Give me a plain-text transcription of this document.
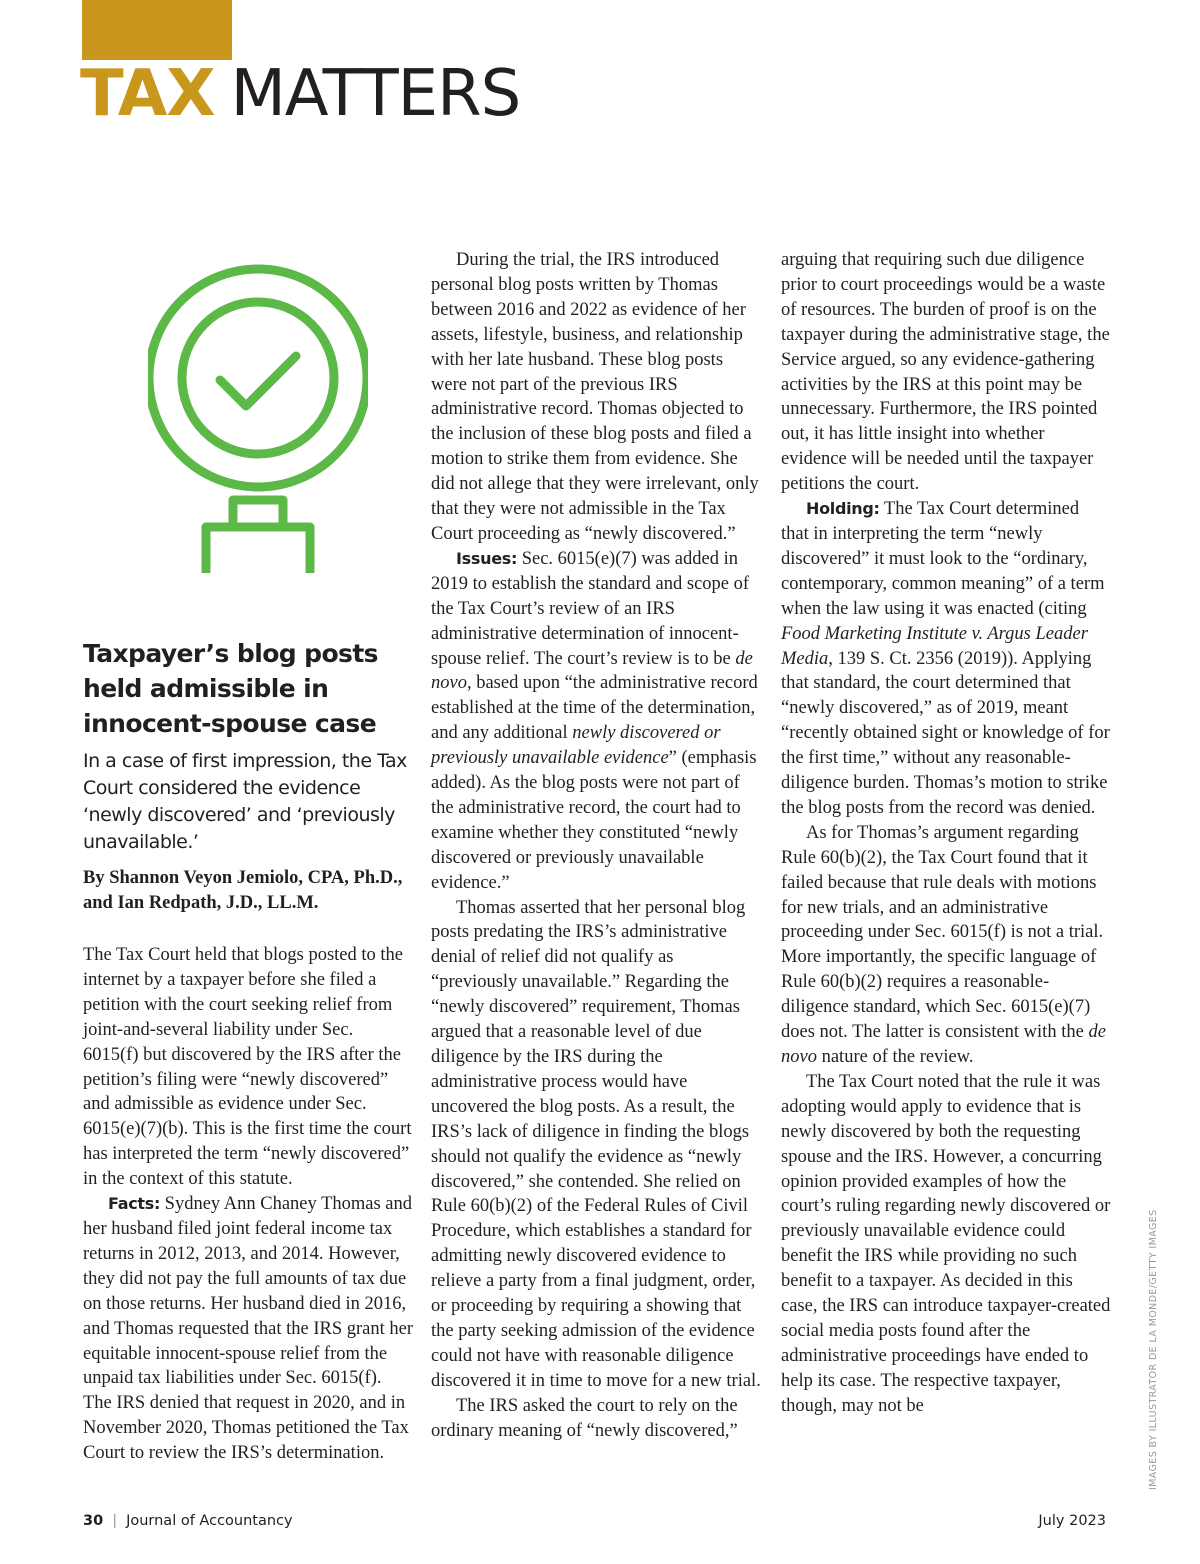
TAX MATTERS
Taxpayer’s blog posts held admissible in innocent-spouse case

In a case of first impression, the Tax Court considered the evidence ‘newly discovered’ and ‘previously unavailable.’

By Shannon Veyon Jemiolo, CPA, Ph.D., and Ian Redpath, J.D., LL.M.

The Tax Court held that blogs posted to the internet by a taxpayer before she filed a petition with the court seeking relief from joint-and-several liability under Sec. 6015(f) but discovered by the IRS after the petition’s filing were “newly discovered” and admissible as evidence under Sec. 6015(e)(7)(b). This is the first time the court has interpreted the term “newly discovered” in the context of this statute.

Facts: Sydney Ann Chaney Thomas and her husband filed joint federal income tax returns in 2012, 2013, and 2014. However, they did not pay the full amounts of tax due on those returns. Her husband died in 2016, and Thomas requested that the IRS grant her equitable innocent-spouse relief from the unpaid tax liabilities under Sec. 6015(f). The IRS denied that request in 2020, and in November 2020, Thomas petitioned the Tax Court to review the IRS’s determination.

During the trial, the IRS introduced personal blog posts written by Thomas between 2016 and 2022 as evidence of her assets, lifestyle, business, and relationship with her late husband. These blog posts were not part of the previous IRS administrative record. Thomas objected to the inclusion of these blog posts and filed a motion to strike them from evidence. She did not allege that they were irrelevant, only that they were not admissible in the Tax Court proceeding as “newly discovered.”

Issues: Sec. 6015(e)(7) was added in 2019 to establish the standard and scope of the Tax Court’s review of an IRS administrative determination of innocent-spouse relief. The court’s review is to be de novo, based upon “the administrative record established at the time of the determination, and any additional newly discovered or previously unavailable evidence” (emphasis added). As the blog posts were not part of the administrative record, the court had to examine whether they constituted “newly discovered or previously unavailable evidence.”

Thomas asserted that her personal blog posts predating the IRS’s administrative denial of relief did not qualify as “previously unavailable.” Regarding the “newly discovered” requirement, Thomas argued that a reasonable level of due diligence by the IRS during the administrative process would have uncovered the blog posts. As a result, the IRS’s lack of diligence in finding the blogs should not qualify the evidence as “newly discovered,” she contended. She relied on Rule 60(b)(2) of the Federal Rules of Civil Procedure, which establishes a standard for admitting newly discovered evidence to relieve a party from a final judgment, order, or proceeding by requiring a showing that the party seeking admission of the evidence could not have with reasonable diligence discovered it in time to move for a new trial.

The IRS asked the court to rely on the ordinary meaning of “newly discovered,”

arguing that requiring such due diligence prior to court proceedings would be a waste of resources. The burden of proof is on the taxpayer during the administrative stage, the Service argued, so any evidence-gathering activities by the IRS at this point may be unnecessary. Furthermore, the IRS pointed out, it has little insight into whether evidence will be needed until the taxpayer petitions the court.

Holding: The Tax Court determined that in interpreting the term “newly discovered” it must look to the “ordinary, contemporary, common meaning” of a term when the law using it was enacted (citing Food Marketing Institute v. Argus Leader Media, 139 S. Ct. 2356 (2019)). Applying that standard, the court determined that “newly discovered,” as of 2019, meant “recently obtained sight or knowledge of for the first time,” without any reasonable-diligence burden. Thomas’s motion to strike the blog posts from the record was denied.

As for Thomas’s argument regarding Rule 60(b)(2), the Tax Court found that it failed because that rule deals with motions for new trials, and an administrative proceeding under Sec. 6015(f) is not a trial. More importantly, the specific language of Rule 60(b)(2) requires a reasonable-diligence standard, which Sec. 6015(e)(7) does not. The latter is consistent with the de novo nature of the review.

The Tax Court noted that the rule it was adopting would apply to evidence that is newly discovered by both the requesting spouse and the IRS. However, a concurring opinion provided examples of how the court’s ruling regarding newly discovered or previously unavailable evidence could benefit the IRS while providing no such benefit to a taxpayer. As decided in this case, the IRS can introduce taxpayer-created social media posts found after the administrative proceedings have ended to help its case. The respective taxpayer, though, may not be	IMAGES BY ILLUSTRATOR DE LA MONDE/GETTY IMAGES
30 | Journal of Accountancy	July 2023
